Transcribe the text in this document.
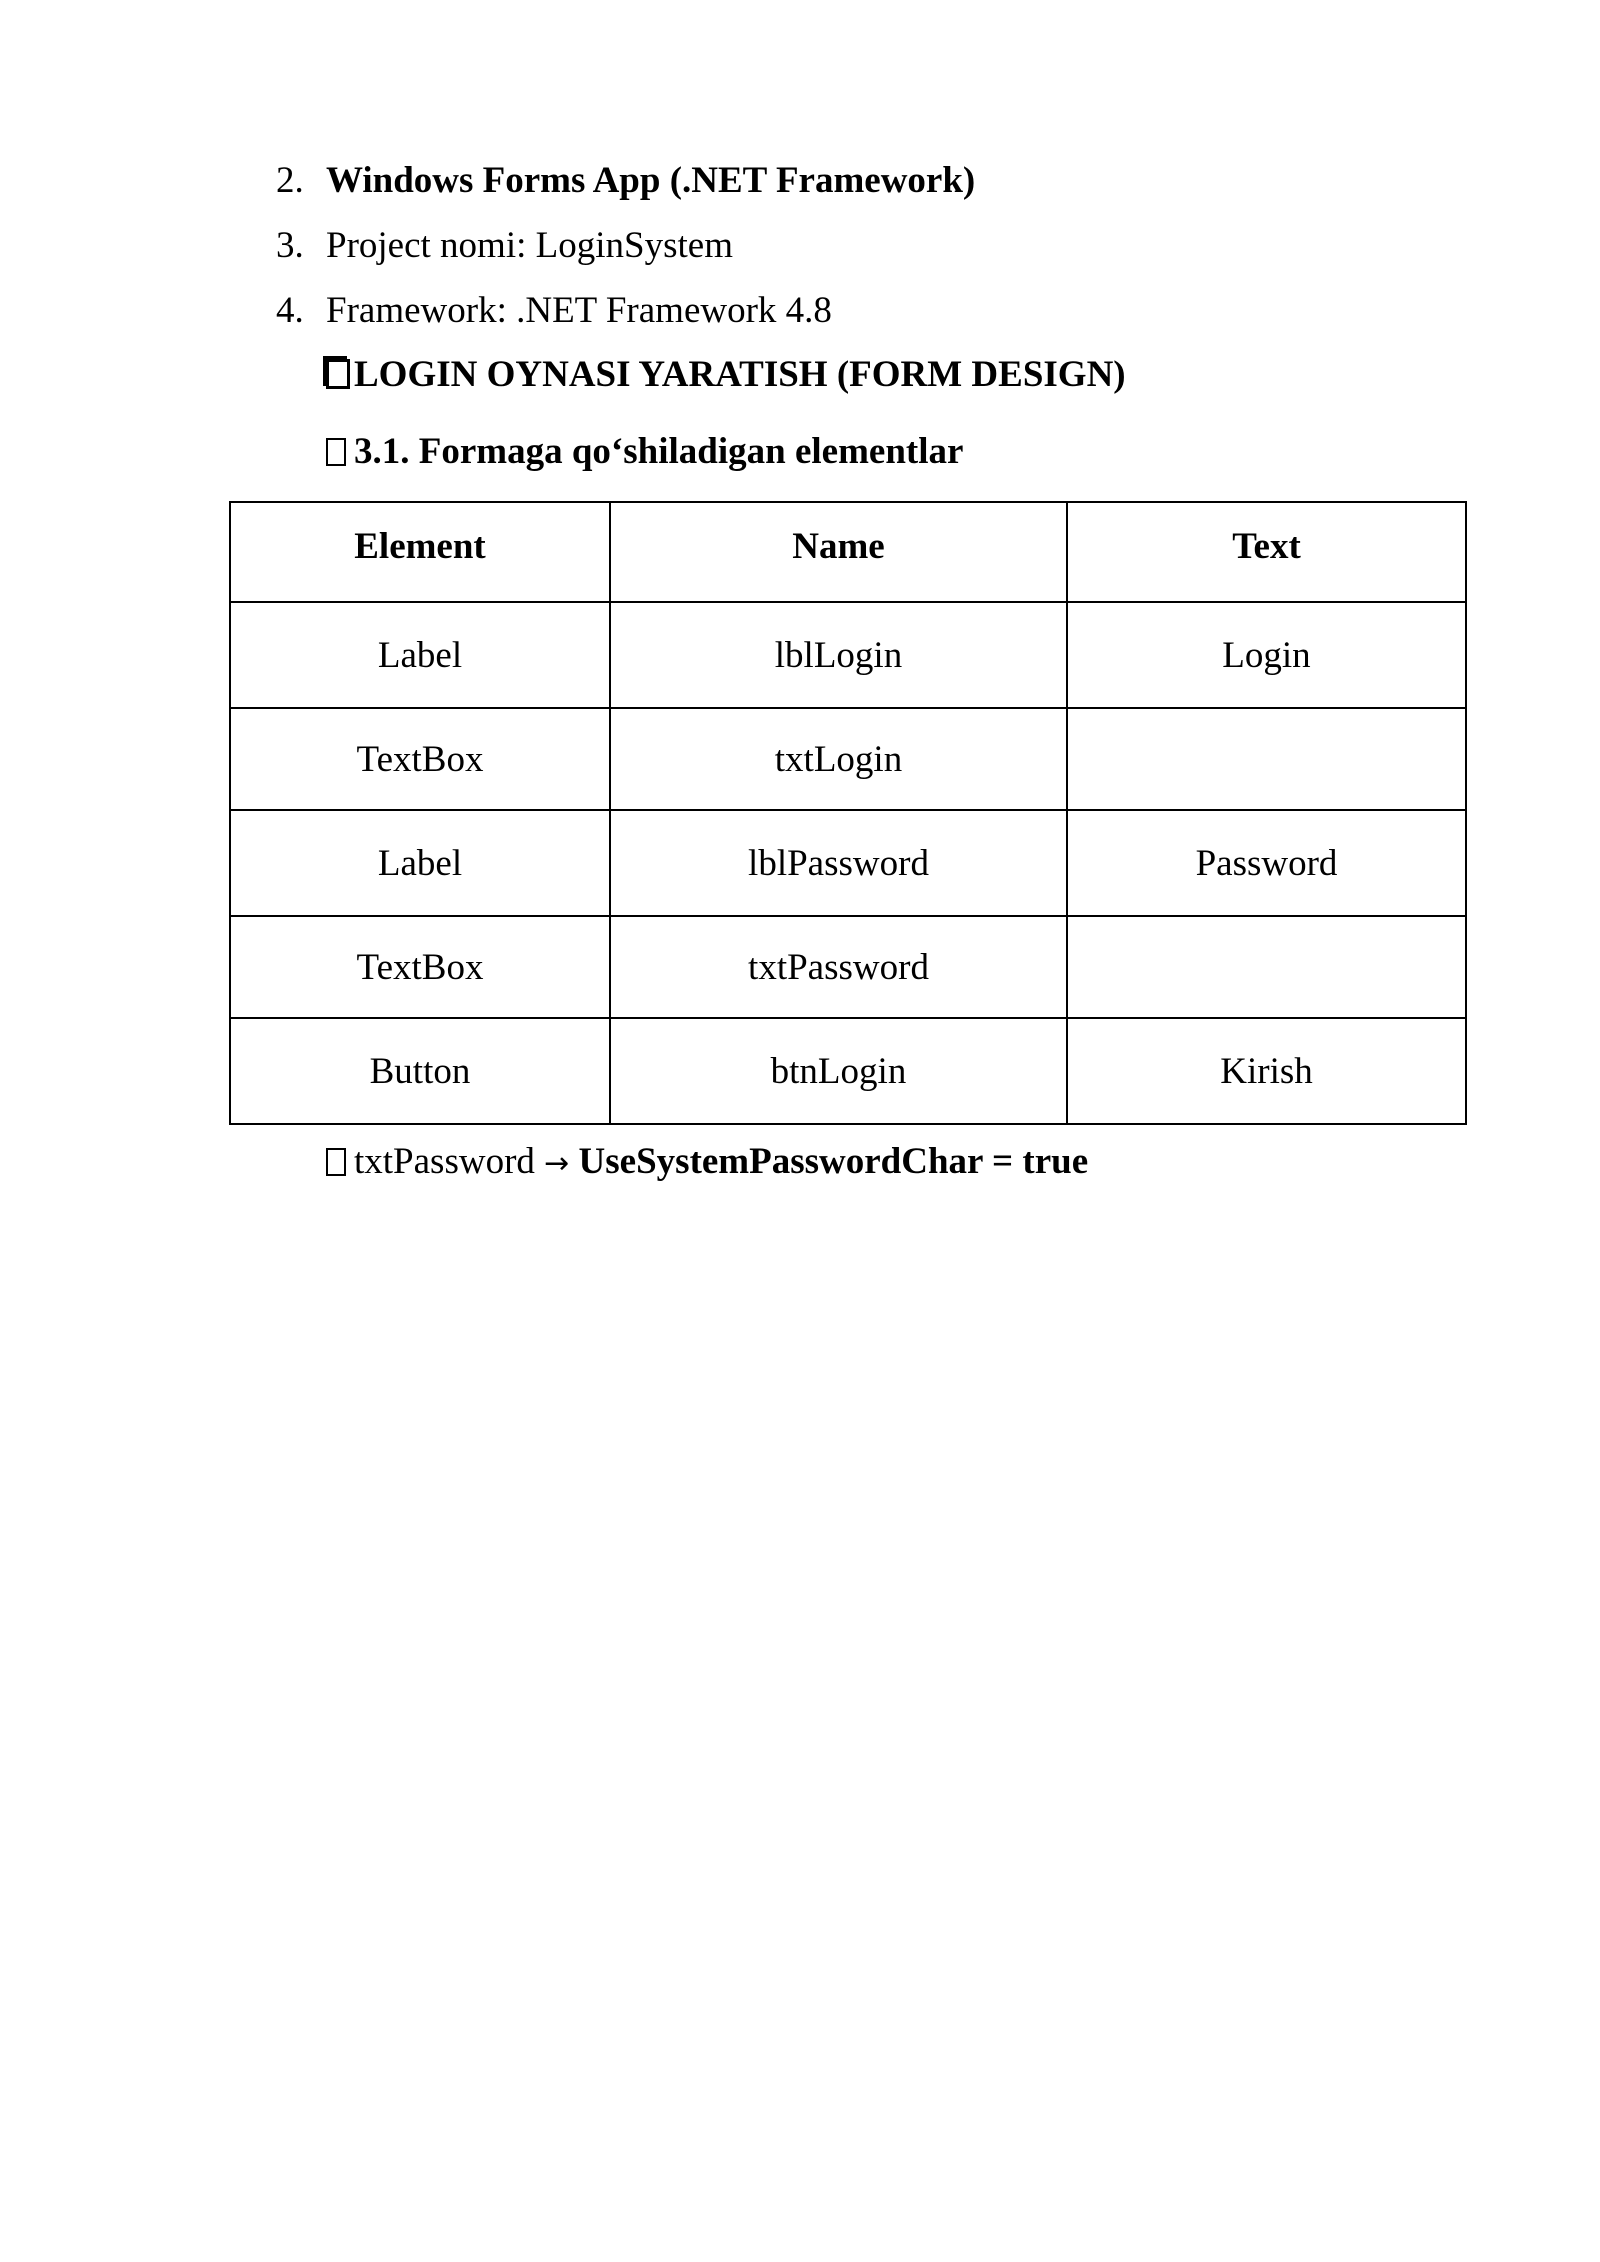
2. Windows Forms App (.NET Framework)
3. Project nomi: LoginSystem
4. Framework: .NET Framework 4.8
LOGIN OYNASI YARATISH (FORM DESIGN)
3.1. Formaga qo‘shiladigan elementlar
Element	Name	Text
Label	lblLogin	Login
TextBox	txtLogin	
Label	lblPassword	Password
TextBox	txtPassword	
Button	btnLogin	Kirish
txtPassword → UseSystemPasswordChar = true
